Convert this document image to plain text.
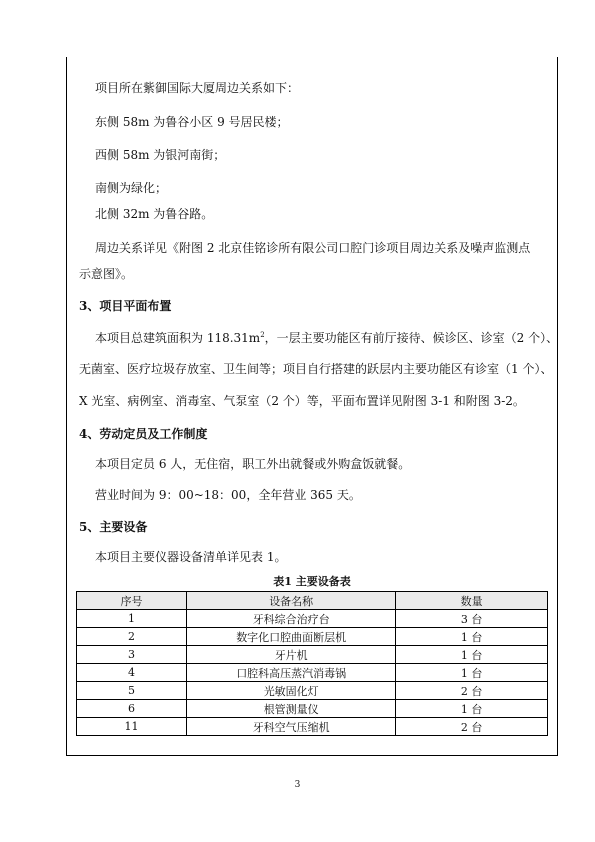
项目所在紫御国际大厦周边关系如下：
东侧 58m 为鲁谷小区 9 号居民楼；
西侧 58m 为银河南街；
南侧为绿化；
北侧 32m 为鲁谷路。
周边关系详见《附图 2 北京佳铭诊所有限公司口腔门诊项目周边关系及噪声监测点
示意图》。
3、项目平面布置
本项目总建筑面积为 $118.31m^2$，一层主要功能区有前厅接待、候诊区、诊室（2 个）、
无菌室、医疗垃圾存放室、卫生间等；项目自行搭建的跃层内主要功能区有诊室（1 个）、
X 光室、病例室、消毒室、气泵室（2 个）等，平面布置详见附图 3-1 和附图 3-2。
4、劳动定员及工作制度
本项目定员 6 人，无住宿，职工外出就餐或外购盒饭就餐。
营业时间为 9：00~18：00，全年营业 365 天。
5、主要设备
本项目主要仪器设备清单详见表 1。
表1 主要设备表
序号	设备名称	数量
1	牙科综合治疗台	3 台
2	数字化口腔曲面断层机	1 台
3	牙片机	1 台
4	口腔科高压蒸汽消毒锅	1 台
5	光敏固化灯	2 台
6	根管测量仪	1 台
11	牙科空气压缩机	2 台
3
